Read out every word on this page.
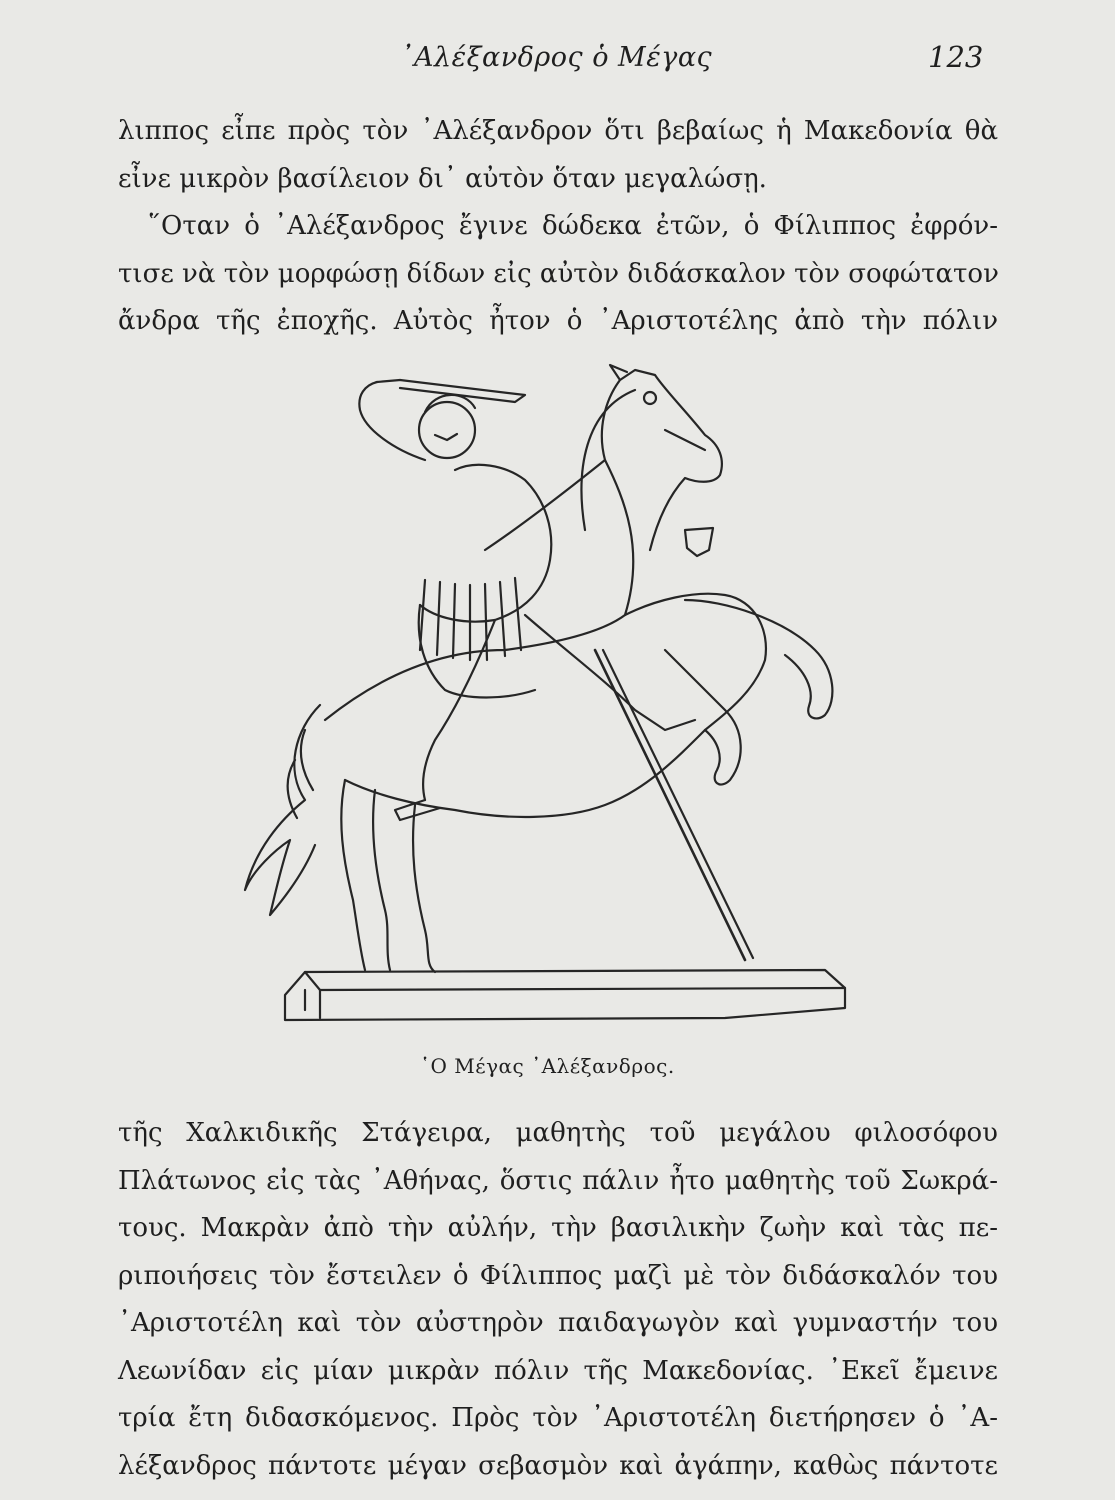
᾿Αλέξανδρος ὁ Μέγας	123
λιππος εἶπε πρὸς τὸν ᾿Αλέξανδρον ὅτι βεβαίως ἡ Μακεδονία θὰ
εἶνε μικρὸν βασίλειον δι᾿ αὐτὸν ὅταν μεγαλώσῃ.
῞Οταν ὁ ᾿Αλέξανδρος ἔγινε δώδεκα ἐτῶν, ὁ Φίλιππος ἐφρόν-
τισε νὰ τὸν μορφώσῃ δίδων εἰς αὐτὸν διδάσκαλον τὸν σοφώτατον
ἄνδρα τῆς ἐποχῆς. Αὐτὸς ἦτον ὁ ᾿Αριστοτέλης ἀπὸ τὴν πόλιν
῾Ο Μέγας ᾿Αλέξανδρος.
τῆς Χαλκιδικῆς Στάγειρα, μαθητὴς τοῦ μεγάλου φιλοσόφου
Πλάτωνος εἰς τὰς ᾿Αθήνας, ὅστις πάλιν ἦτο μαθητὴς τοῦ Σωκρά-
τους. Μακρὰν ἀπὸ τὴν αὐλήν, τὴν βασιλικὴν ζωὴν καὶ τὰς πε-
ριποιήσεις τὸν ἔστειλεν ὁ Φίλιππος μαζὶ μὲ τὸν διδάσκαλόν του
᾿Αριστοτέλη καὶ τὸν αὐστηρὸν παιδαγωγὸν καὶ γυμναστήν του
Λεωνίδαν εἰς μίαν μικρὰν πόλιν τῆς Μακεδονίας. ᾿Εκεῖ ἔμεινε
τρία ἔτη διδασκόμενος. Πρὸς τὸν ᾿Αριστοτέλη διετήρησεν ὁ ᾿Α-
λέξανδρος πάντοτε μέγαν σεβασμὸν καὶ ἀγάπην, καθὼς πάντοτε
